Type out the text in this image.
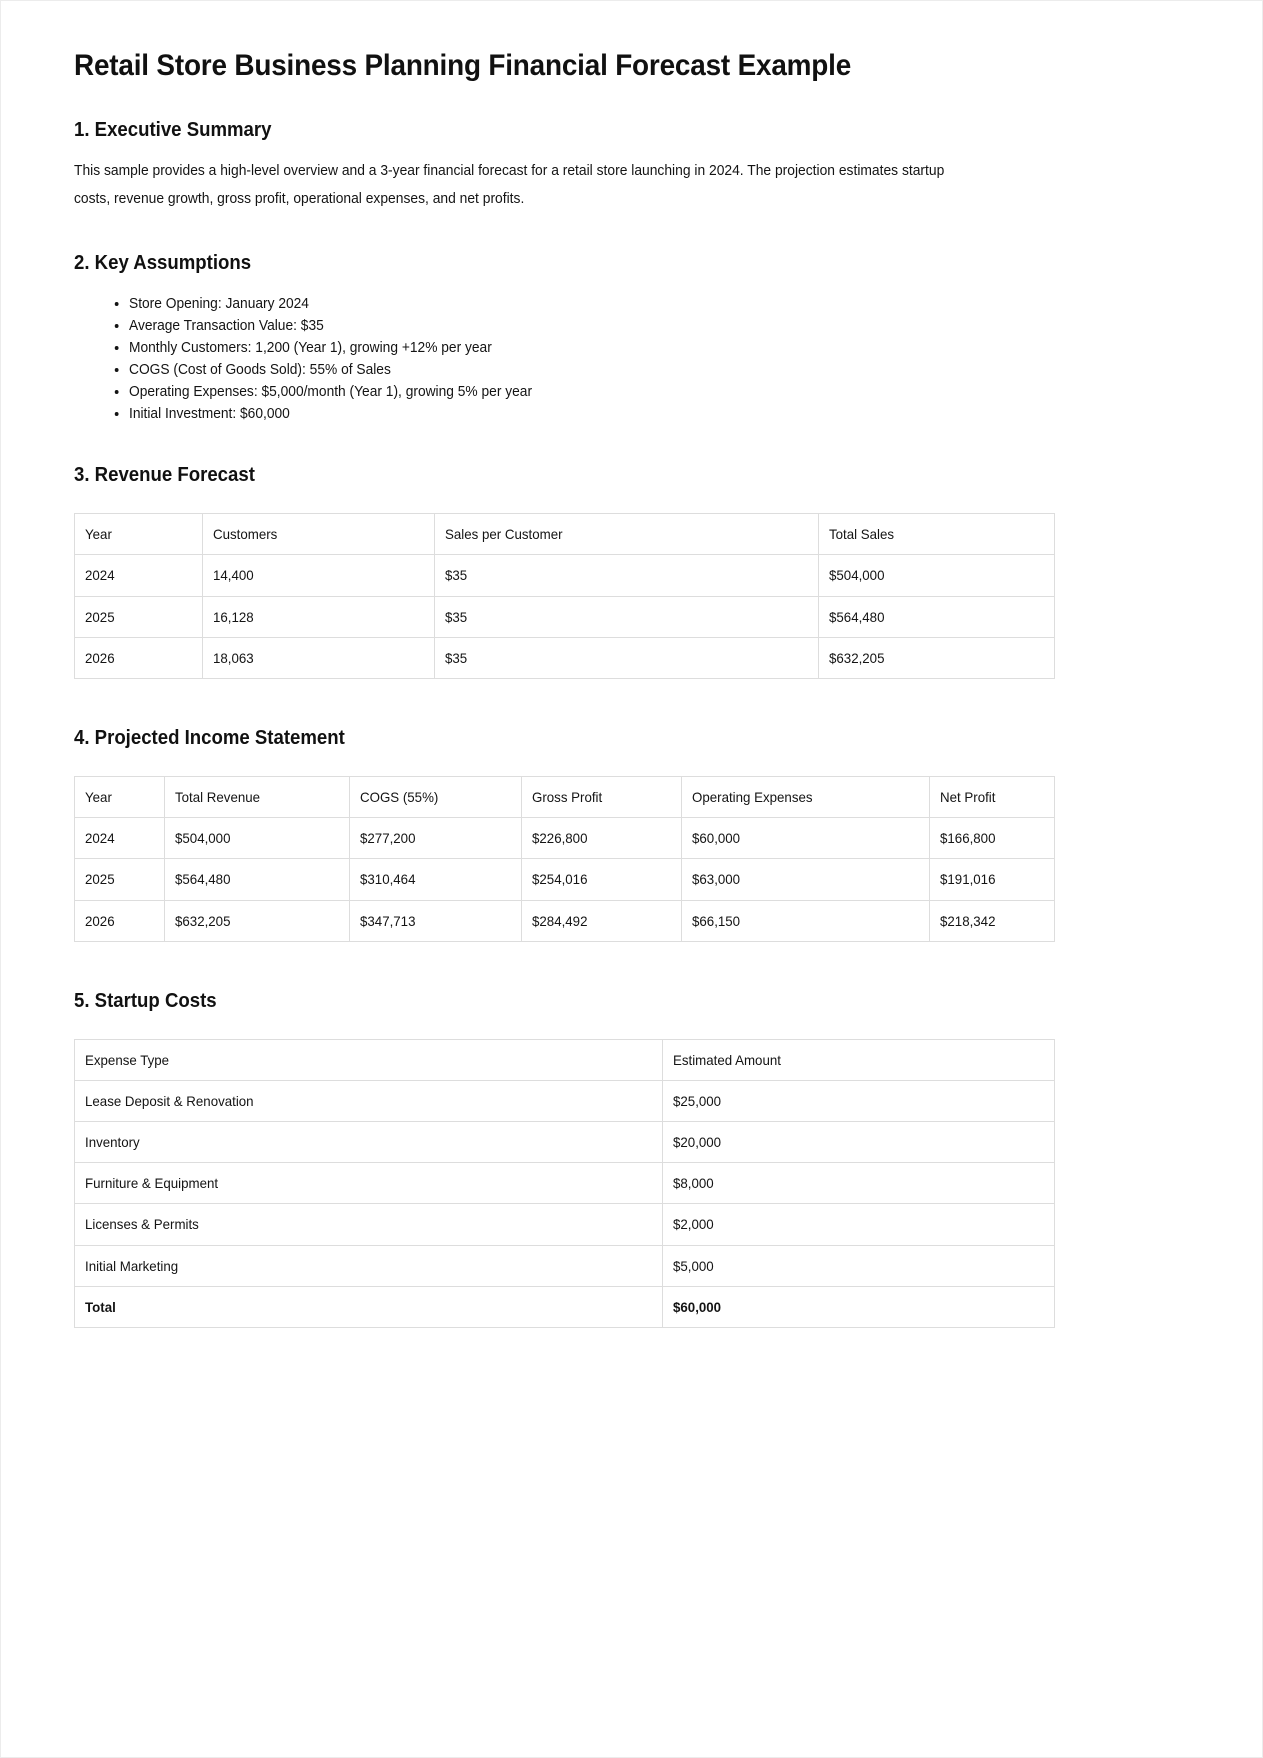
Retail Store Business Planning Financial Forecast Example
1. Executive Summary

This sample provides a high-level overview and a 3-year financial forecast for a retail store launching in 2024. The projection estimates startup costs, revenue growth, gross profit, operational expenses, and net profits.

2. Key Assumptions
• Store Opening: January 2024
• Average Transaction Value: $35
• Monthly Customers: 1,200 (Year 1), growing +12% per year
• COGS (Cost of Goods Sold): 55% of Sales
• Operating Expenses: $5,000/month (Year 1), growing 5% per year
• Initial Investment: $60,000
3. Revenue Forecast
Year	Customers	Sales per Customer	Total Sales
2024	14,400	$35	$504,000
2025	16,128	$35	$564,480
2026	18,063	$35	$632,205
4. Projected Income Statement
Year	Total Revenue	COGS (55%)	Gross Profit	Operating Expenses	Net Profit
2024	$504,000	$277,200	$226,800	$60,000	$166,800
2025	$564,480	$310,464	$254,016	$63,000	$191,016
2026	$632,205	$347,713	$284,492	$66,150	$218,342
5. Startup Costs
Expense Type	Estimated Amount
Lease Deposit & Renovation	$25,000
Inventory	$20,000
Furniture & Equipment	$8,000
Licenses & Permits	$2,000
Initial Marketing	$5,000
Total	$60,000
